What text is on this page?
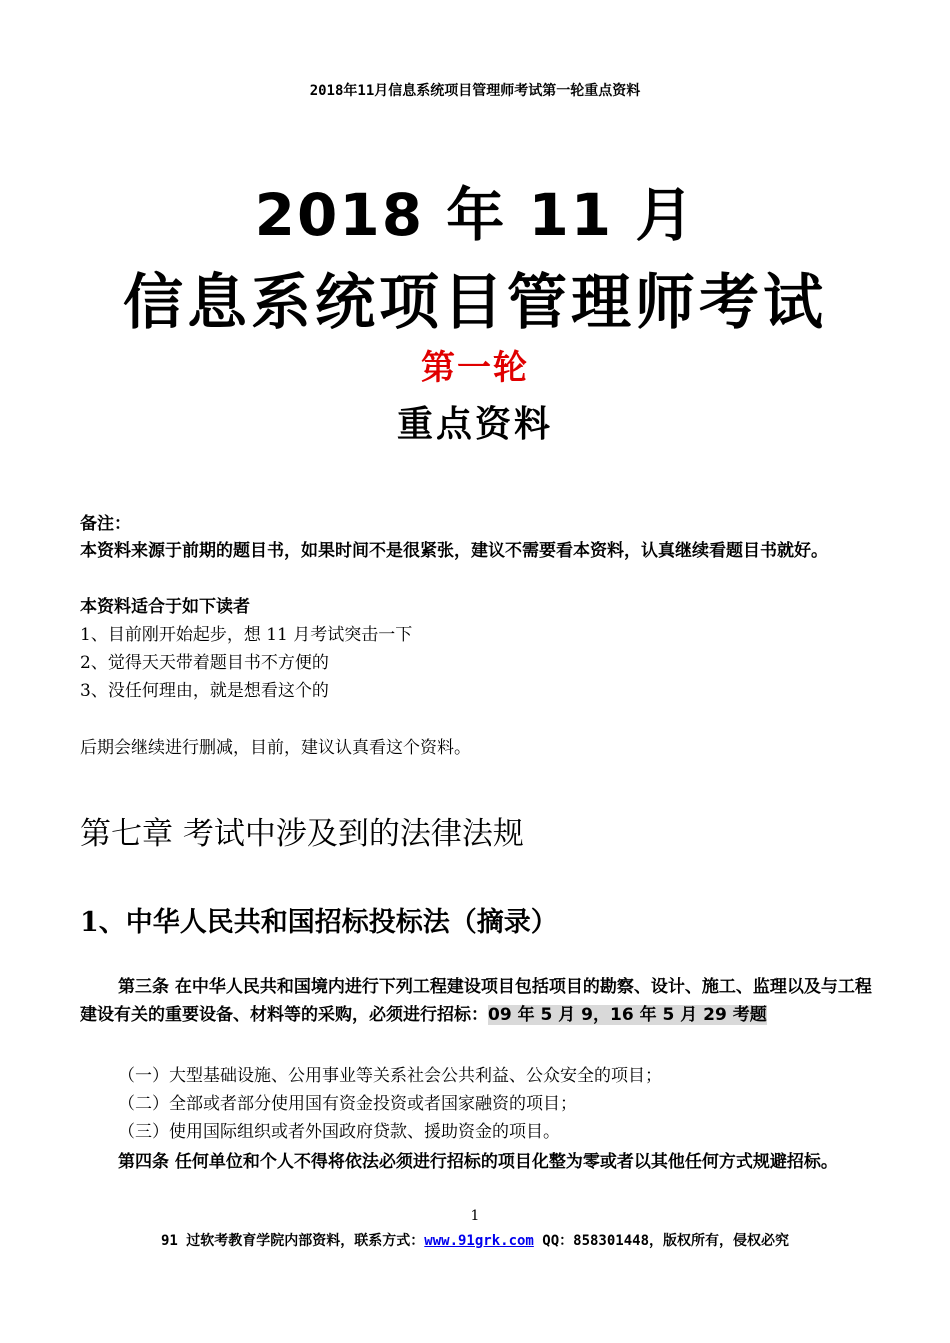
2018年11月信息系统项目管理师考试第一轮重点资料
2018 年 11 月
信息系统项目管理师考试
第一轮
重点资料
备注：
本资料来源于前期的题目书，如果时间不是很紧张，建议不需要看本资料，认真继续看题目书就好。
本资料适合于如下读者
1、目前刚开始起步，想 11 月考试突击一下
2、觉得天天带着题目书不方便的
3、没任何理由，就是想看这个的
后期会继续进行删减，目前，建议认真看这个资料。
第七章 考试中涉及到的法律法规
1、中华人民共和国招标投标法（摘录）
第三条 在中华人民共和国境内进行下列工程建设项目包括项目的勘察、设计、施工、监理以及与工程建设有关的重要设备、材料等的采购，必须进行招标：09 年 5 月 9，16 年 5 月 29 考题
（一）大型基础设施、公用事业等关系社会公共利益、公众安全的项目；
（二）全部或者部分使用国有资金投资或者国家融资的项目；
（三）使用国际组织或者外国政府贷款、援助资金的项目。
第四条 任何单位和个人不得将依法必须进行招标的项目化整为零或者以其他任何方式规避招标。
1
91 过软考教育学院内部资料，联系方式：www.91grk.com QQ：858301448，版权所有，侵权必究
